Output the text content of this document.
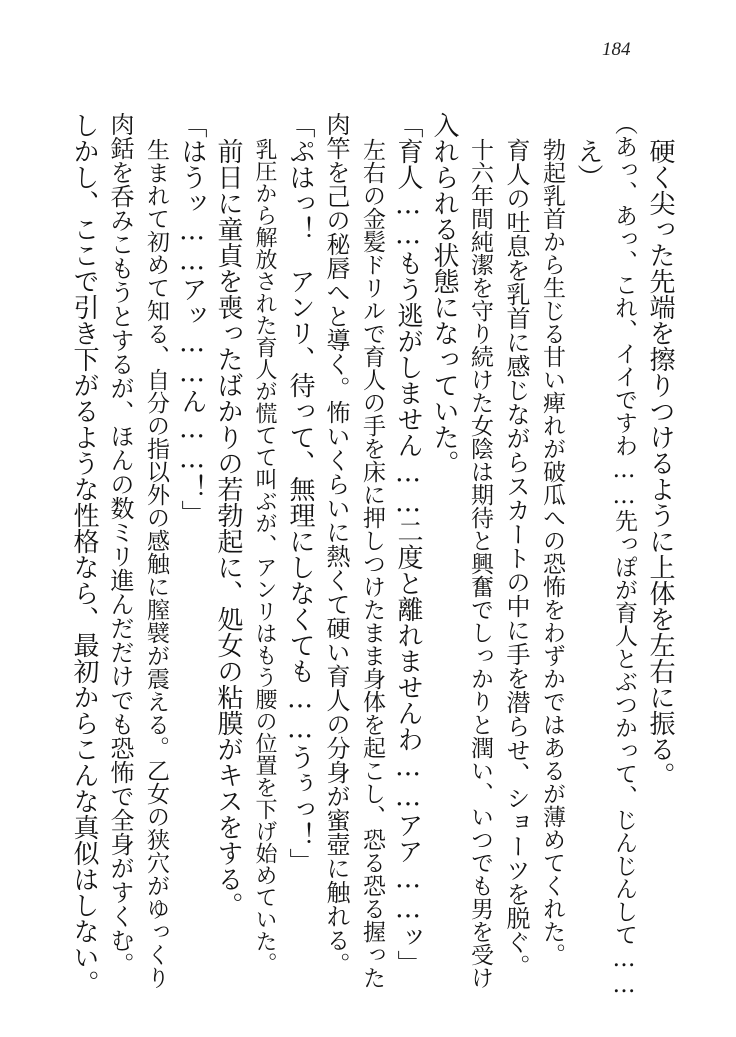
184
硬く尖った先端を擦りつけるように上体を左右に振る。
（あっ、あっ、これ、イイですわ……先っぽが育人とぶつかって、じんじんして……
え）
勃起乳首から生じる甘い痺れが破瓜への恐怖をわずかではあるが薄めてくれた。
育人の吐息を乳首に感じながらスカートの中に手を潜らせ、ショーツを脱ぐ。
十六年間純潔を守り続けた女陰は期待と興奮でしっかりと潤い、いつでも男を受け
入れられる状態になっていた。
「育人……もう逃がしません……二度と離れませんわ……アア……ッ」
左右の金髪ドリルで育人の手を床に押しつけたまま身体を起こし、恐る恐る握った
肉竿を己の秘唇へと導く。怖いくらいに熱くて硬い育人の分身が蜜壺に触れる。
「ぷはっ！　アンリ、待って、無理にしなくても……うぅっ！」
乳圧から解放された育人が慌てて叫ぶが、アンリはもう腰の位置を下げ始めていた。
前日に童貞を喪ったばかりの若勃起に、処女の粘膜がキスをする。
「はうッ……アッ……ん……！」
生まれて初めて知る、自分の指以外の感触に膣襞が震える。乙女の狭穴がゆっくり
肉銛を呑みこもうとするが、ほんの数ミリ進んだだけでも恐怖で全身がすくむ。
しかし、ここで引き下がるような性格なら、最初からこんな真似はしない。
